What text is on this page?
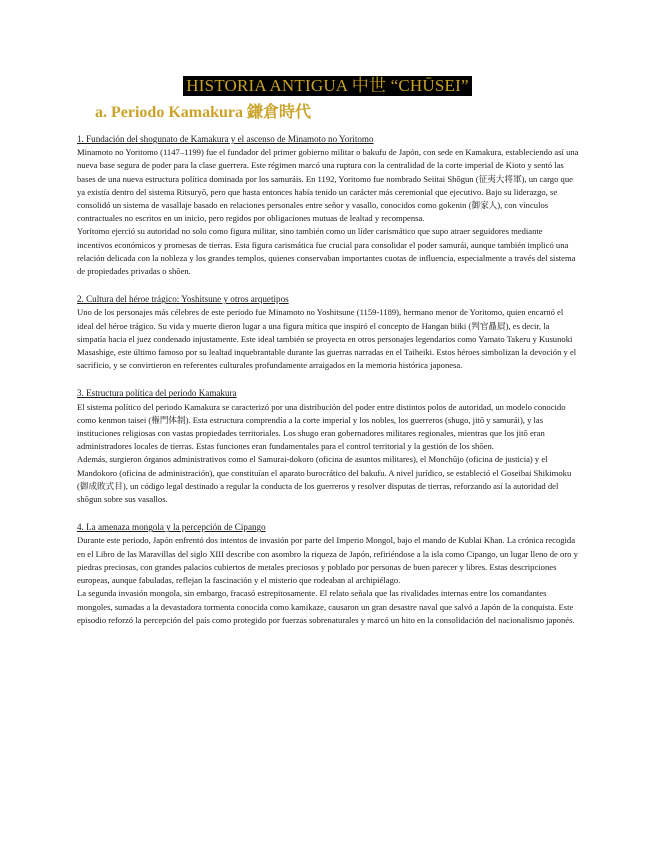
HISTORIA ANTIGUA 中世 “CHŪSEI”
a. Periodo Kamakura 鎌倉時代

1. Fundación del shogunato de Kamakura y el ascenso de Minamoto no Yoritomo

Minamoto no Yoritomo (1147–1199) fue el fundador del primer gobierno militar o bakufu de Japón, con sede en Kamakura, estableciendo así una nueva base segura de poder para la clase guerrera. Este régimen marcó una ruptura con la centralidad de la corte imperial de Kioto y sentó las bases de una nueva estructura política dominada por los samuráis. En 1192, Yoritomo fue nombrado Seiitai Shōgun (征夷大将軍), un cargo que ya existía dentro del sistema Ritsuryō, pero que hasta entonces había tenido un carácter más ceremonial que ejecutivo. Bajo su liderazgo, se consolidó un sistema de vasallaje basado en relaciones personales entre señor y vasallo, conocidos como gokenin (御家人), con vínculos contractuales no escritos en un inicio, pero regidos por obligaciones mutuas de lealtad y recompensa.

Yoritomo ejerció su autoridad no solo como figura militar, sino también como un líder carismático que supo atraer seguidores mediante incentivos económicos y promesas de tierras. Esta figura carismática fue crucial para consolidar el poder samurái, aunque también implicó una relación delicada con la nobleza y los grandes templos, quienes conservaban importantes cuotas de influencia, especialmente a través del sistema de propiedades privadas o shōen.

2. Cultura del héroe trágico: Yoshitsune y otros arquetipos

Uno de los personajes más célebres de este periodo fue Minamoto no Yoshitsune (1159-1189), hermano menor de Yoritomo, quien encarnó el ideal del héroe trágico. Su vida y muerte dieron lugar a una figura mítica que inspiró el concepto de Hangan biiki (判官贔屓), es decir, la simpatía hacia el juez condenado injustamente. Este ideal también se proyecta en otros personajes legendarios como Yamato Takeru y Kusunoki Masashige, este último famoso por su lealtad inquebrantable durante las guerras narradas en el Taiheiki. Estos héroes simbolizan la devoción y el sacrificio, y se convirtieron en referentes culturales profundamente arraigados en la memoria histórica japonesa.

3. Estructura política del periodo Kamakura

El sistema político del periodo Kamakura se caracterizó por una distribución del poder entre distintos polos de autoridad, un modelo conocido como kenmon taisei (権門体制). Esta estructura comprendía a la corte imperial y los nobles, los guerreros (shugo, jitō y samurái), y las instituciones religiosas con vastas propiedades territoriales. Los shugo eran gobernadores militares regionales, mientras que los jitō eran administradores locales de tierras. Estas funciones eran fundamentales para el control territorial y la gestión de los shōen.

Además, surgieron órganos administrativos como el Samurai-dokoro (oficina de asuntos militares), el Monchūjo (oficina de justicia) y el Mandokoro (oficina de administración), que constituían el aparato burocrático del bakufu. A nivel jurídico, se estableció el Goseibai Shikimoku (御成敗式目), un código legal destinado a regular la conducta de los guerreros y resolver disputas de tierras, reforzando así la autoridad del shōgun sobre sus vasallos.

4. La amenaza mongola y la percepción de Cipango

Durante este periodo, Japón enfrentó dos intentos de invasión por parte del Imperio Mongol, bajo el mando de Kublai Khan. La crónica recogida en el Libro de las Maravillas del siglo XIII describe con asombro la riqueza de Japón, refiriéndose a la isla como Cipango, un lugar lleno de oro y piedras preciosas, con grandes palacios cubiertos de metales preciosos y poblado por personas de buen parecer y libres. Estas descripciones europeas, aunque fabuladas, reflejan la fascinación y el misterio que rodeaban al archipiélago.

La segunda invasión mongola, sin embargo, fracasó estrepitosamente. El relato señala que las rivalidades internas entre los comandantes mongoles, sumadas a la devastadora tormenta conocida como kamikaze, causaron un gran desastre naval que salvó a Japón de la conquista. Este episodio reforzó la percepción del país como protegido por fuerzas sobrenaturales y marcó un hito en la consolidación del nacionalismo japonés.
